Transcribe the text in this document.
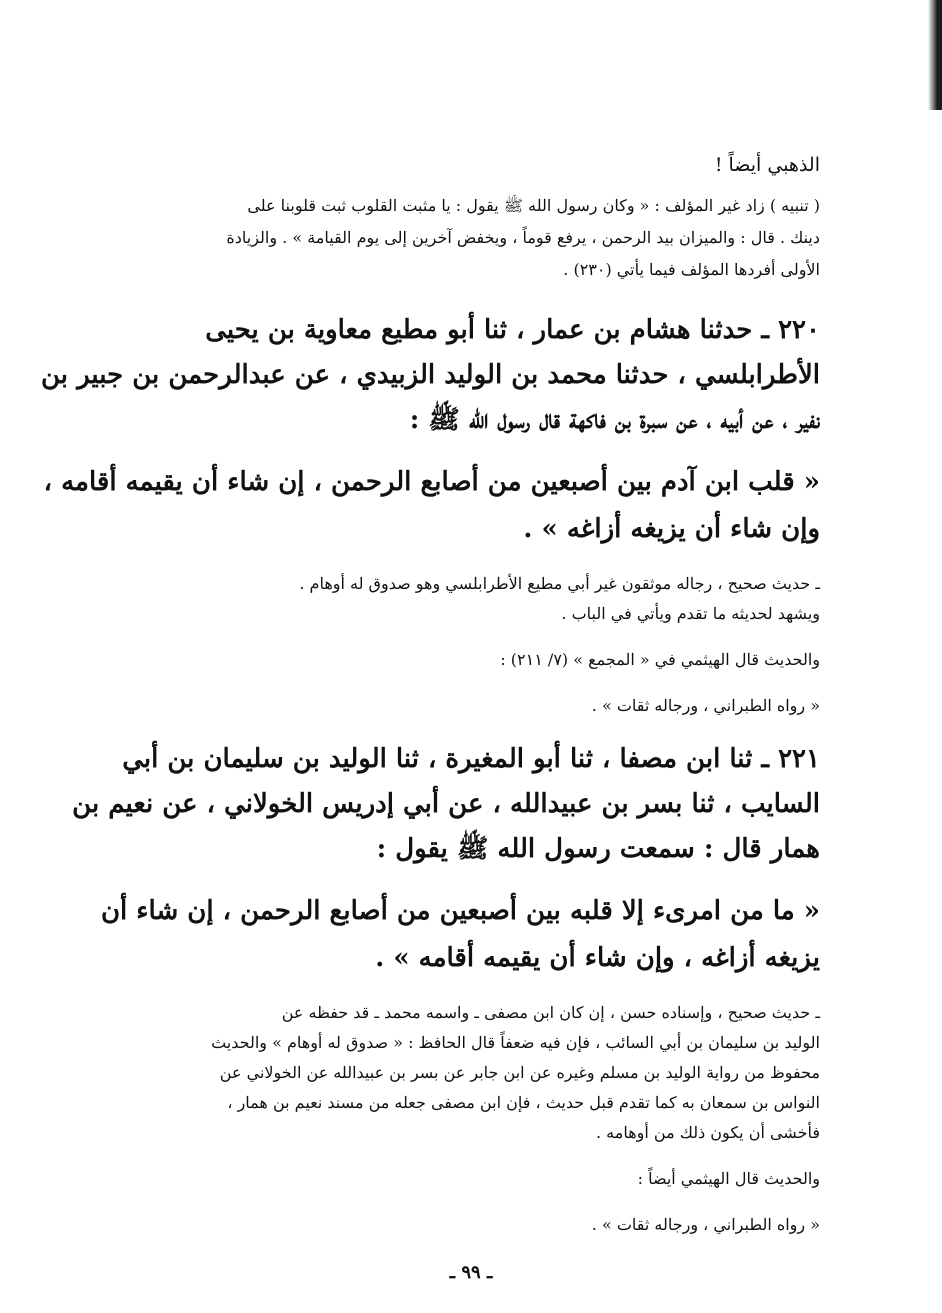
الذهبي أيضاً !

( تنبيه ) زاد غير المؤلف : « وكان رسول الله ﷺ يقول : يا مثبت القلوب ثبت قلوبنا على

دينك . قال : والميزان بيد الرحمن ، يرفع قوماً ، ويخفض آخرين إلى يوم القيامة » . والزيادة

الأولى أفردها المؤلف فيما يأتي (٢٣٠) .

٢٢٠ ـ حدثنا هشام بن عمار ، ثنا أبو مطيع معاوية بن يحيى

الأطرابلسي ، حدثنا محمد بن الوليد الزبيدي ، عن عبدالرحمن بن جبير بن

نفير ، عن أبيه ، عن سبرة بن فاكهة قال رسول الله ﷺ :

« قلب ابن آدم بين أصبعين من أصابع الرحمن ، إن شاء أن يقيمه أقامه ،

وإن شاء أن يزيغه أزاغه » .

ـ حديث صحيح ، رجاله موثقون غير أبي مطيع الأطرابلسي وهو صدوق له أوهام .

ويشهد لحديثه ما تقدم ويأتي في الباب .

والحديث قال الهيثمي في « المجمع » (٧/ ٢١١) :

« رواه الطبراني ، ورجاله ثقات » .

٢٢١ ـ ثنا ابن مصفا ، ثنا أبو المغيرة ، ثنا الوليد بن سليمان بن أبي

السايب ، ثنا بسر بن عبيدالله ، عن أبي إدريس الخولاني ، عن نعيم بن

همار قال : سمعت رسول الله ﷺ يقول :

« ما من امرىء إلا قلبه بين أصبعين من أصابع الرحمن ، إن شاء أن

يزيغه أزاغه ، وإن شاء أن يقيمه أقامه » .

ـ حديث صحيح ، وإسناده حسن ، إن كان ابن مصفى ـ واسمه محمد ـ قد حفظه عن

الوليد بن سليمان بن أبي السائب ، فإن فيه ضعفاً قال الحافظ : « صدوق له أوهام » والحديث

محفوظ من رواية الوليد بن مسلم وغيره عن ابن جابر عن بسر بن عبيدالله عن الخولاني عن

النواس بن سمعان به كما تقدم قبل حديث ، فإن ابن مصفى جعله من مسند نعيم بن همار ،

فأخشى أن يكون ذلك من أوهامه .

والحديث قال الهيثمي أيضاً :

« رواه الطبراني ، ورجاله ثقات » .

ـ ٩٩ ـ
